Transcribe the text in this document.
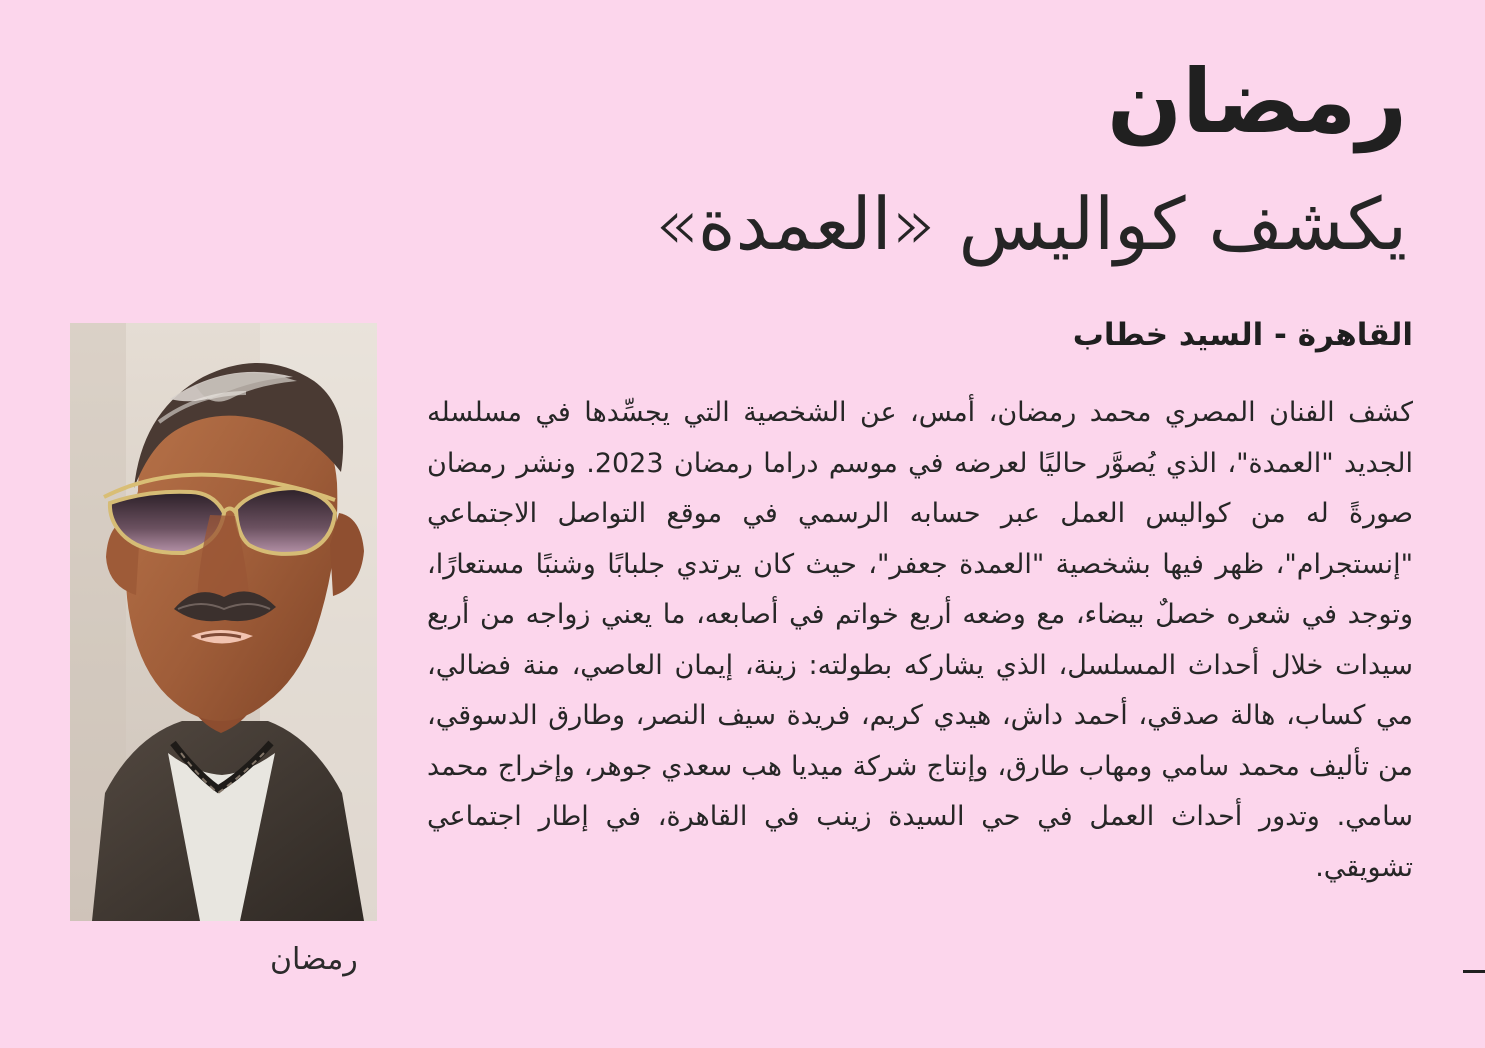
رمضان
يكشف كواليس «العمدة»
القاهرة - السيد خطاب

كشف الفنان المصري محمد رمضان، أمس، عن الشخصية التي يجسِّدها في مسلسله الجديد "العمدة"، الذي يُصوَّر حاليًا لعرضه في موسم دراما رمضان 2023. ونشر رمضان صورةً له من كواليس العمل عبر حسابه الرسمي في موقع التواصل الاجتماعي "إنستجرام"، ظهر فيها بشخصية "العمدة جعفر"، حيث كان يرتدي جلبابًا وشنبًا مستعارًا، وتوجد في شعره خصلٌ بيضاء، مع وضعه أربع خواتم في أصابعه، ما يعني زواجه من أربع سيدات خلال أحداث المسلسل، الذي يشاركه بطولته: زينة، إيمان العاصي، منة فضالي، مي كساب، هالة صدقي، أحمد داش، هيدي كريم، فريدة سيف النصر، وطارق الدسوقي، من تأليف محمد سامي ومهاب طارق، وإنتاج شركة ميديا هب سعدي جوهر، وإخراج محمد سامي. وتدور أحداث العمل في حي السيدة زينب في القاهرة، في إطار اجتماعي تشويقي.

رمضان
